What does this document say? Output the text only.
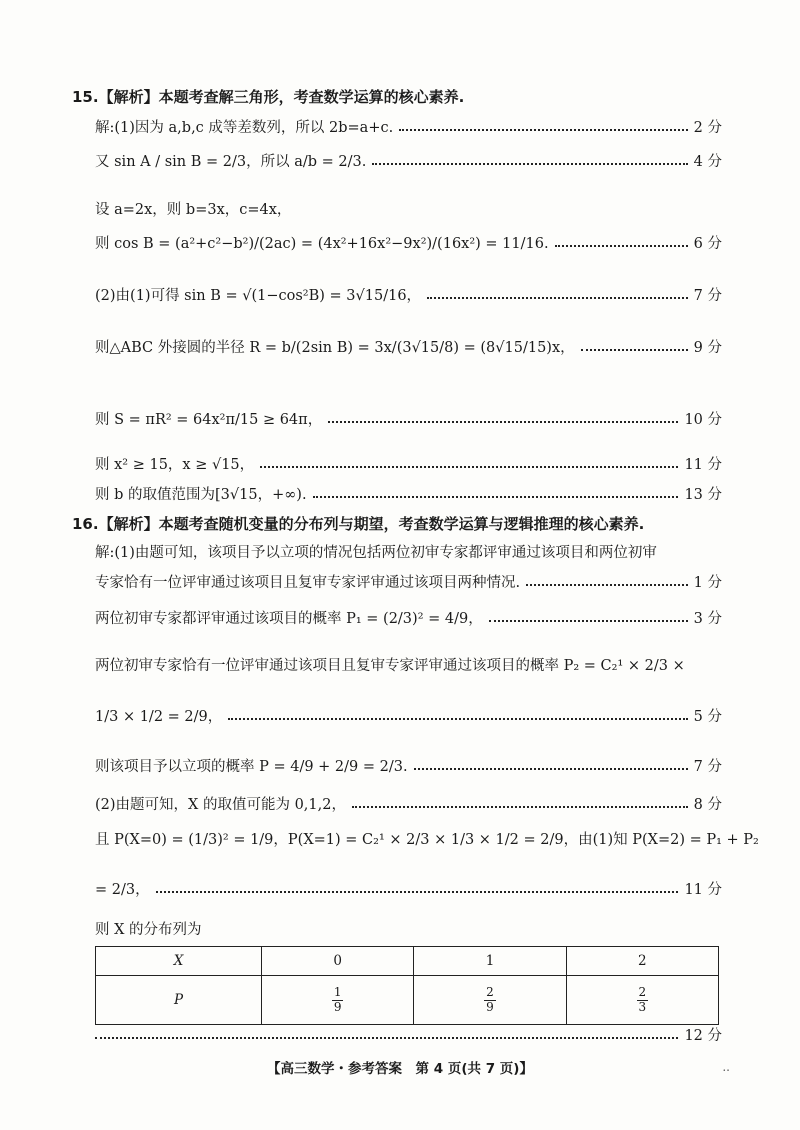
15.【解析】本题考查解三角形，考查数学运算的核心素养.
解:(1)因为 a,b,c 成等差数列，所以 2b=a+c.	2 分
又 sin A / sin B = 2/3，所以 a/b = 2/3.	4 分
设 a=2x，则 b=3x，c=4x，
则 cos B = (a²+c²−b²)/(2ac) = (4x²+16x²−9x²)/(16x²) = 11/16.	6 分
(2)由(1)可得 sin B = √(1−cos²B) = 3√15/16，	7 分
则△ABC 外接圆的半径 R = b/(2sin B) = 3x/(3√15/8) = (8√15/15)x，	9 分
则 S = πR² = 64x²π/15 ≥ 64π，	10 分
则 x² ≥ 15，x ≥ √15，	11 分
则 b 的取值范围为[3√15，+∞).	13 分
16.【解析】本题考查随机变量的分布列与期望，考查数学运算与逻辑推理的核心素养.
解:(1)由题可知，该项目予以立项的情况包括两位初审专家都评审通过该项目和两位初审
专家恰有一位评审通过该项目且复审专家评审通过该项目两种情况.	1 分
两位初审专家都评审通过该项目的概率 P₁ = (2/3)² = 4/9，	3 分
两位初审专家恰有一位评审通过该项目且复审专家评审通过该项目的概率 P₂ = C₂¹ × 2/3 ×
1/3 × 1/2 = 2/9，	5 分
则该项目予以立项的概率 P = 4/9 + 2/9 = 2/3.	7 分
(2)由题可知，X 的取值可能为 0,1,2，	8 分
且 P(X=0) = (1/3)² = 1/9，P(X=1) = C₂¹ × 2/3 × 1/3 × 1/2 = 2/9，由(1)知 P(X=2) = P₁ + P₂
= 2/3，	11 分
则 X 的分布列为
X	0	1	2
P	$\frac{1}{9}$	$\frac{2}{9}$	$\frac{2}{3}$
12 分
【高三数学・参考答案　第 4 页(共 7 页)】	..
